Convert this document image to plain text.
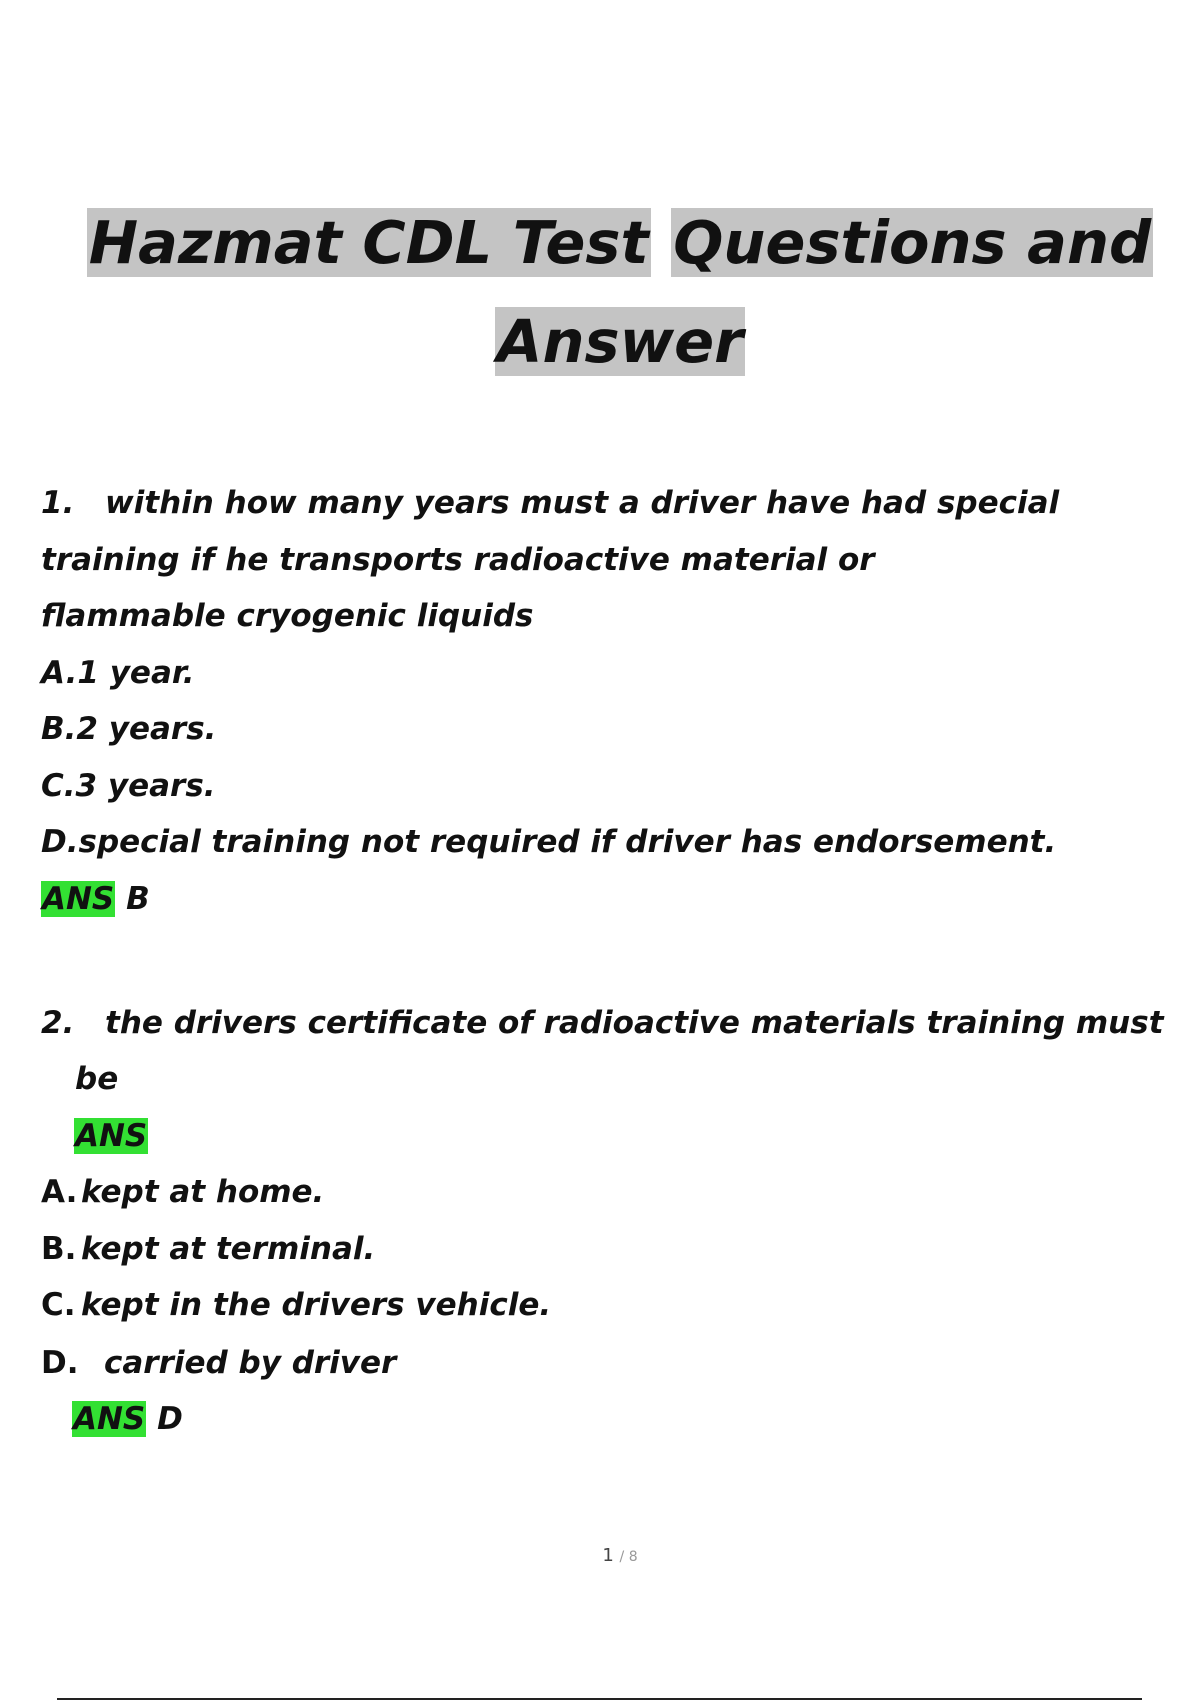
Hazmat CDL Test Questions and
Answer
1. within how many years must a driver have had special
training if he transports radioactive material or
flammable cryogenic liquids
A.1 year.
B.2 years.
C.3 years.
D.special training not required if driver has endorsement.
ANS B
2. the drivers certificate of radioactive materials training must
be
ANS
A. kept at home.
B. kept at terminal.
C. kept in the drivers vehicle.
D. carried by driver
ANS D
1 / 8
